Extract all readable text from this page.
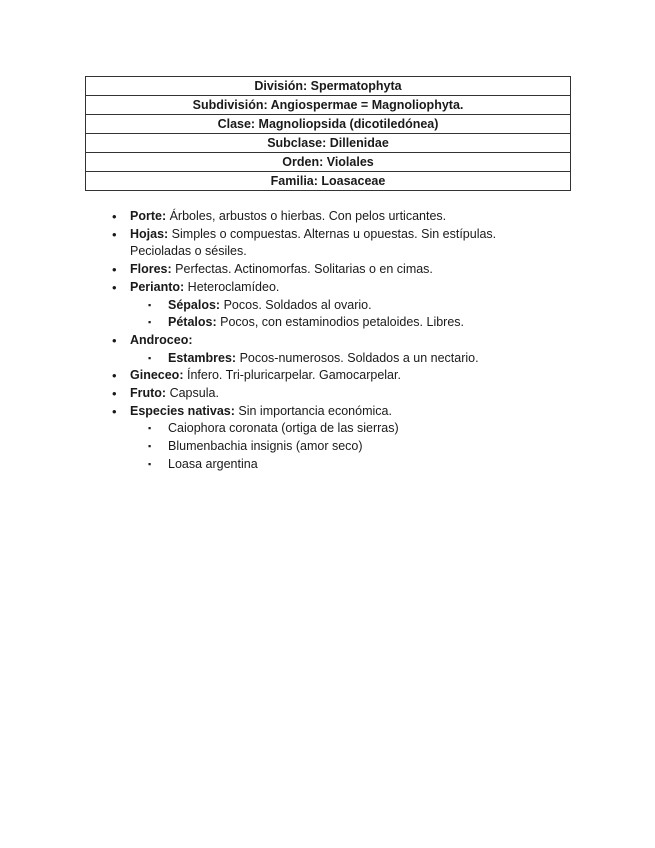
División: Spermatophyta
Subdivisión: Angiospermae = Magnoliophyta.
Clase: Magnoliopsida (dicotiledónea)
Subclase: Dillenidae
Orden: Violales
Familia: Loasaceae
• Porte: Árboles, arbustos o hierbas. Con pelos urticantes.
• Hojas: Simples o compuestas. Alternas u opuestas. Sin estípulas. Pecioladas o sésiles.
• Flores: Perfectas. Actinomorfas. Solitarias o en cimas.
• Perianto: Heteroclamídeo.
▪ Sépalos: Pocos. Soldados al ovario.
▪ Pétalos: Pocos, con estaminodios petaloides. Libres.
• Androceo:
▪ Estambres: Pocos-numerosos. Soldados a un nectario.
• Gineceo: Ínfero. Tri-pluricarpelar. Gamocarpelar.
• Fruto: Capsula.
• Especies nativas: Sin importancia económica.
▪ Caiophora coronata (ortiga de las sierras)
▪ Blumenbachia insignis (amor seco)
▪ Loasa argentina
